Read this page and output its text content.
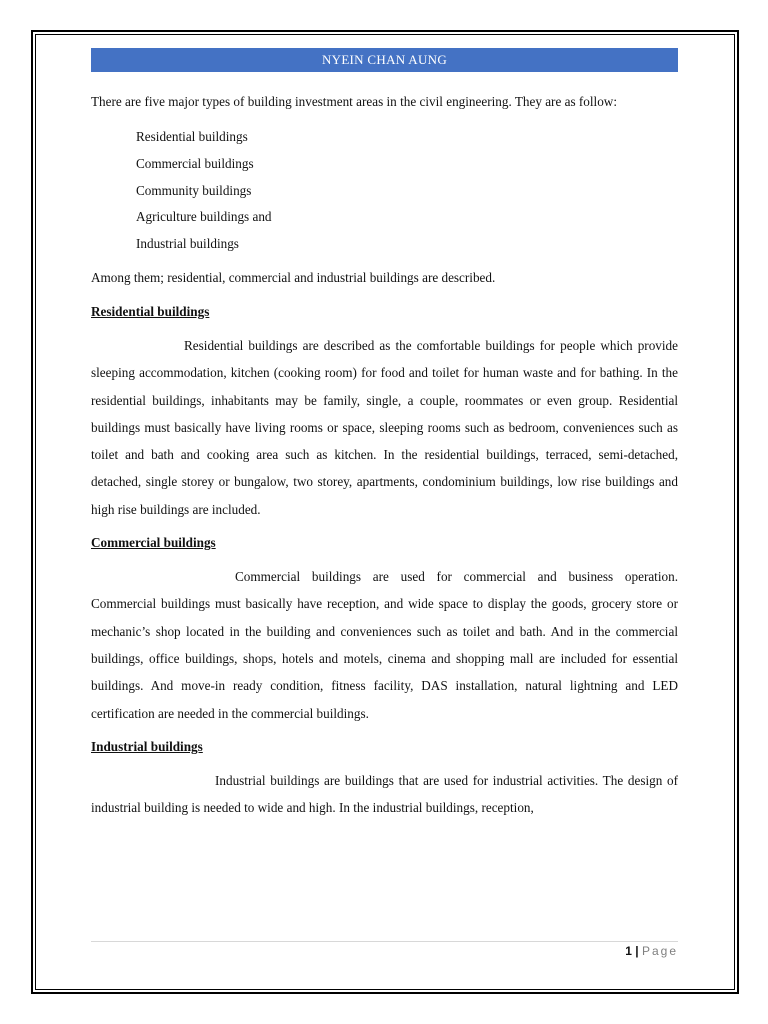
NYEIN CHAN AUNG

There are five major types of building investment areas in the civil engineering. They are as follow:

Residential buildings
Commercial buildings
Community buildings
Agriculture buildings and
Industrial buildings

Among them; residential, commercial and industrial buildings are described.

Residential buildings

Residential buildings are described as the comfortable buildings for people which provide sleeping accommodation, kitchen (cooking room) for food and toilet for human waste and for bathing. In the residential buildings, inhabitants may be family, single, a couple, roommates or even group. Residential buildings must basically have living rooms or space, sleeping rooms such as bedroom, conveniences such as toilet and bath and cooking area such as kitchen. In the residential buildings, terraced, semi-detached, detached, single storey or bungalow, two storey, apartments, condominium buildings, low rise buildings and high rise buildings are included.

Commercial buildings

Commercial buildings are used for commercial and business operation. Commercial buildings must basically have reception, and wide space to display the goods, grocery store or mechanic’s shop located in the building and conveniences such as toilet and bath. And in the commercial buildings, office buildings, shops, hotels and motels, cinema and shopping mall are included for essential buildings. And move-in ready condition, fitness facility, DAS installation, natural lightning and LED certification are needed in the commercial buildings.

Industrial buildings

Industrial buildings are buildings that are used for industrial activities. The design of industrial building is needed to wide and high. In the industrial buildings, reception,

1 | Page
